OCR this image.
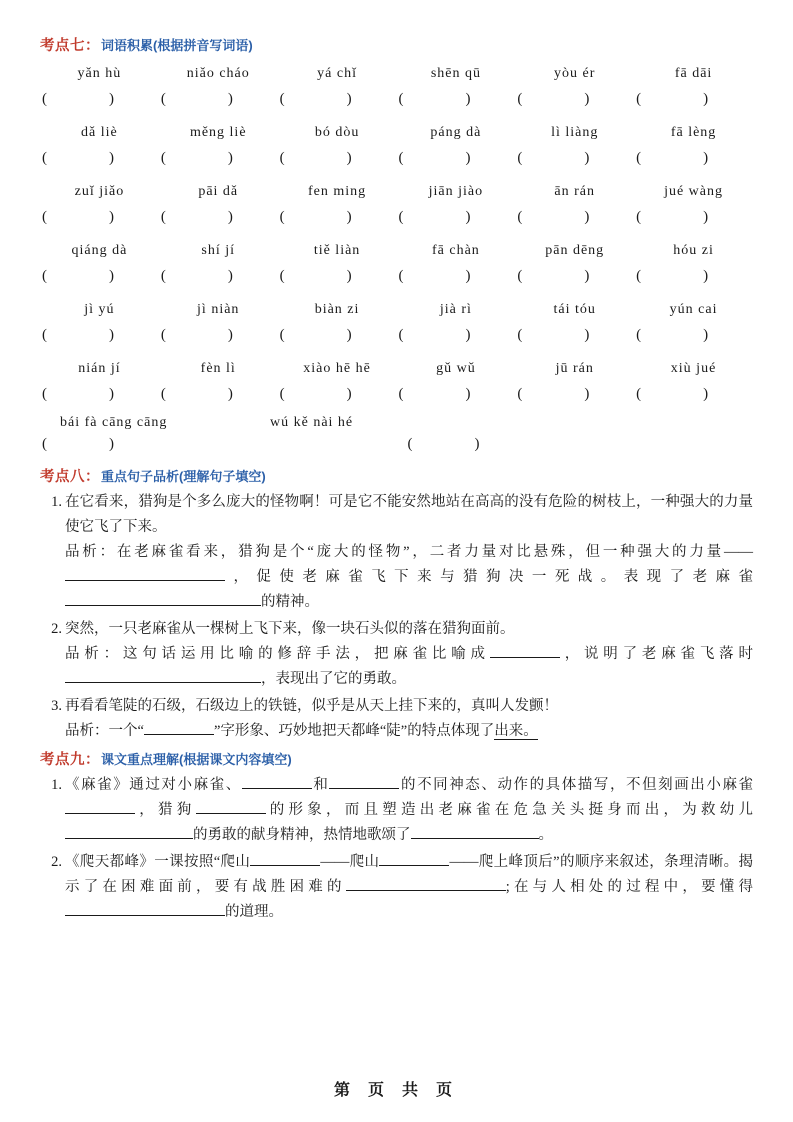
考点七： 词语积累(根据拼音写词语)
yǎn hù	niǎo cháo	yá chǐ	shēn qū	yòu ér	fā dāi
(	)	(	)	(	)	(	)	(	)	(	)
dǎ liè	měng liè	bó dòu	páng dà	lì liàng	fā lèng
(	)	(	)	(	)	(	)	(	)	(	)
zuǐ jiǎo	pāi dǎ	fen ming	jiān jiào	ān rán	jué wàng
(	)	(	)	(	)	(	)	(	)	(	)
qiáng dà	shí jí	tiě liàn	fā chàn	pān dēng	hóu zi
(	)	(	)	(	)	(	)	(	)	(	)
jì yú	jì niàn	biàn zi	jià rì	tái tóu	yún cai
(	)	(	)	(	)	(	)	(	)	(	)
nián jí	fèn lì	xiào hē hē	gǔ wǔ	jū rán	xiù jué
(	)	(	)	(	)	(	)	(	)	(	)
bái fà cāng cāng	wú kě nài hé
(	)	(	)
考点八： 重点句子品析(理解句子填空)
1. 在它看来，猎狗是个多么庞大的怪物啊！可是它不能安然地站在高高的没有危险的树枝上，一种强大的力量使它飞了下来。
品析：在老麻雀看来，猎狗是个“庞大的怪物”，二者力量对比悬殊，但一种强大的力量——，促使老麻雀飞下来与猎狗决一死战。表现了老麻雀的精神。
2. 突然，一只老麻雀从一棵树上飞下来，像一块石头似的落在猎狗面前。
品析：这句话运用比喻的修辞手法，把麻雀比喻成	，说明了老麻雀飞落时，表现出了它的勇敢。
3. 再看看笔陡的石级，石级边上的铁链，似乎是从天上挂下来的，真叫人发颤！
品析：一个“	”字形象、巧妙地把天都峰“陡”的特点体现了出来。
考点九： 课文重点理解(根据课文内容填空)
1. 《麻雀》通过对小麻雀、	和	的不同神态、动作的具体描写，不但刻画出小麻雀，猎狗	的形象，而且塑造出老麻雀在危急关头挺身而出，为救幼儿的勇敢的献身精神，热情地歌颂了	。
2. 《爬天都峰》一课按照“爬山	——爬山	——爬上峰顶后”的顺序来叙述，条理清晰。揭示了在困难面前，要有战胜困难的	;在与人相处的过程中，要懂得的道理。
第 页 共 页
